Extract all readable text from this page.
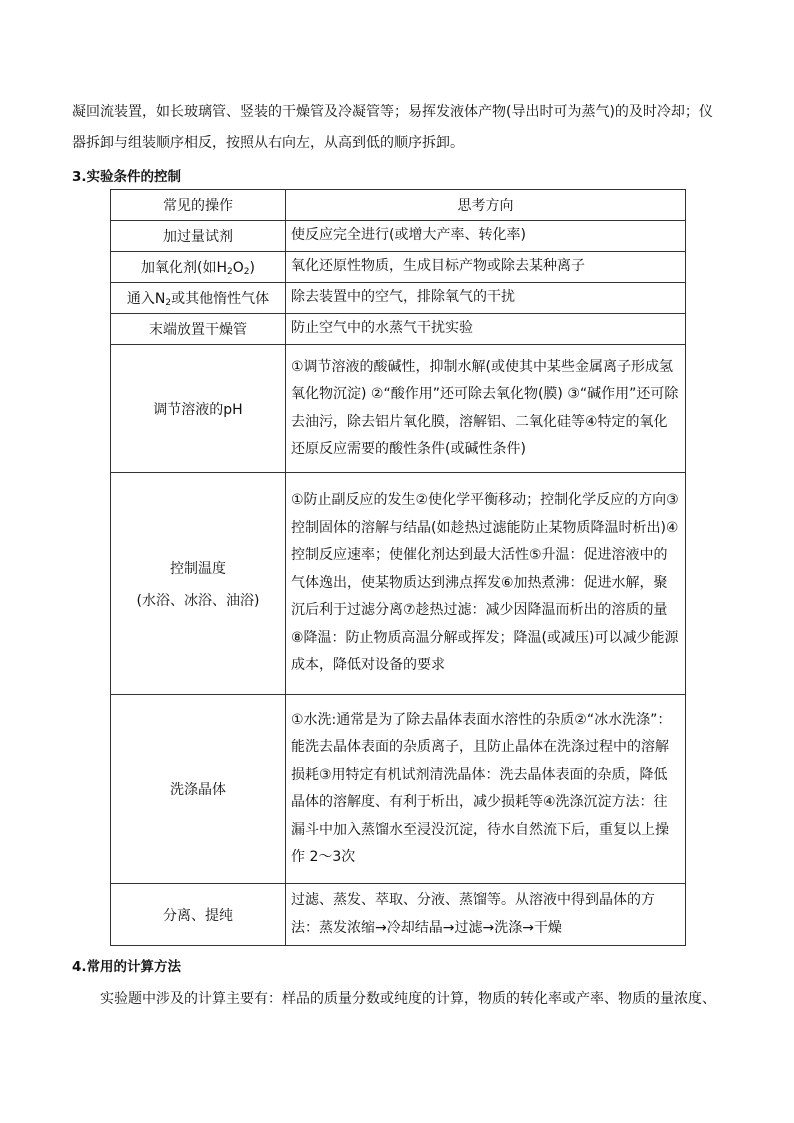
凝回流装置，如长玻璃管、竖装的干燥管及冷凝管等；易挥发液体产物(导出时可为蒸气)的及时冷却；仪
器拆卸与组装顺序相反，按照从右向左，从高到低的顺序拆卸。
3.实验条件的控制
常见的操作	思考方向
加过量试剂	使反应完全进行(或增大产率、转化率)
加氧化剂(如$H_2O_2$)	氧化还原性物质，生成目标产物或除去某种离子
通入$N_2$或其他惰性气体	除去装置中的空气，排除氧气的干扰
末端放置干燥管	防止空气中的水蒸气干扰实验
调节溶液的pH	①调节溶液的酸碱性，抑制水解(或使其中某些金属离子形成氢氧化物沉淀) ②“酸作用”还可除去氧化物(膜) ③“碱作用”还可除去油污，除去铝片氧化膜，溶解铝、二氧化硅等④特定的氧化还原反应需要的酸性条件(或碱性条件)

控制温度
(水浴、冰浴、油浴)	①防止副反应的发生②使化学平衡移动；控制化学反应的方向③控制固体的溶解与结晶(如趁热过滤能防止某物质降温时析出)④控制反应速率；使催化剂达到最大活性⑤升温：促进溶液中的气体逸出，使某物质达到沸点挥发⑥加热煮沸：促进水解，聚沉后利于过滤分离⑦趁热过滤：减少因降温而析出的溶质的量⑧降温：防止物质高温分解或挥发；降温(或减压)可以减少能源成本，降低对设备的要求
洗涤晶体	①水洗:通常是为了除去晶体表面水溶性的杂质②“冰水洗涤”：能洗去晶体表面的杂质离子，且防止晶体在洗涤过程中的溶解损耗③用特定有机试剂清洗晶体：洗去晶体表面的杂质，降低晶体的溶解度、有利于析出，减少损耗等④洗涤沉淀方法：往漏斗中加入蒸馏水至浸没沉淀，待水自然流下后，重复以上操作 2～3次
分离、提纯	过滤、蒸发、萃取、分液、蒸馏等。从溶液中得到晶体的方法：蒸发浓缩→冷却结晶→过滤→洗涤→干燥
4.常用的计算方法
实验题中涉及的计算主要有：样品的质量分数或纯度的计算，物质的转化率或产率、物质的量浓度、
